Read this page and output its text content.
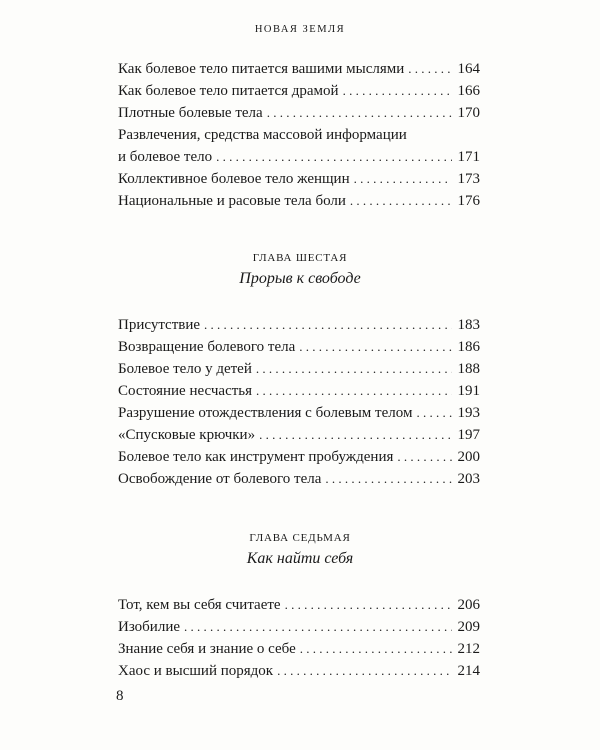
НОВАЯ ЗЕМЛЯ
Как болевое тело питается вашими мыслями . . .	164
Как болевое тело питается драмой . . .	166
Плотные болевые тела . . .	170
Развлечения, средства массовой информации
и болевое тело . . .	171
Коллективное болевое тело женщин . . .	173
Национальные и расовые тела боли . . .	176
ГЛАВА ШЕСТАЯ
Прорыв к свободе
Присутствие . . .	183
Возвращение болевого тела . . .	186
Болевое тело у детей . . .	188
Состояние несчастья . . .	191
Разрушение отождествления с болевым телом . . .	193
«Спусковые крючки» . . .	197
Болевое тело как инструмент пробуждения . . .	200
Освобождение от болевого тела . . .	203
ГЛАВА СЕДЬМАЯ
Как найти себя
Тот, кем вы себя считаете . . .	206
Изобилие . . .	209
Знание себя и знание о себе . . .	212
Хаос и высший порядок . . .	214
8
